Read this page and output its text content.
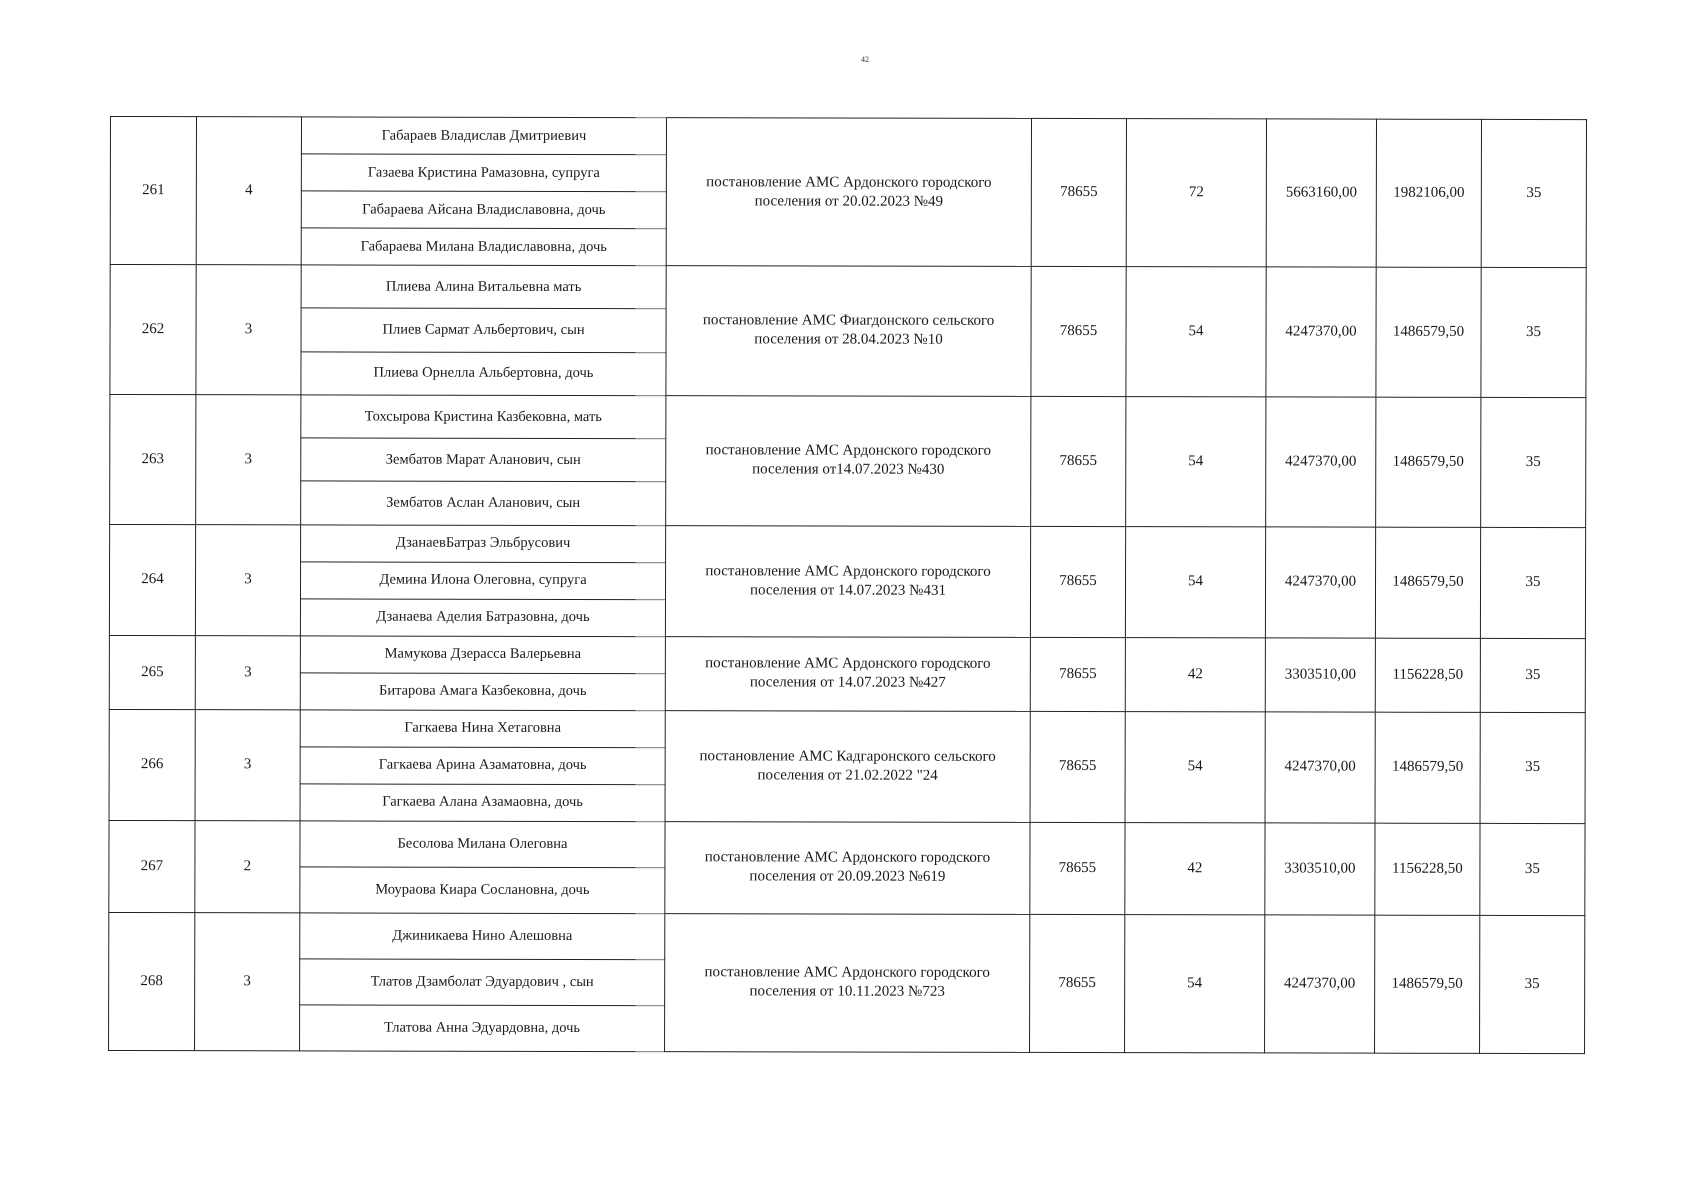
42
261	4	Габараев Владислав Дмитриевич	постановление АМС Ардонского городского поселения от 20.02.2023 №49	78655	72	5663160,00	1982106,00	35
		Газаева Кристина Рамазовна, супруга						
		Габараева Айсана Владиславовна, дочь						
		Габараева Милана Владиславовна, дочь						
262	3	Плиева Алина Витальевна мать	постановление АМС Фиагдонского сельского поселения от 28.04.2023 №10	78655	54	4247370,00	1486579,50	35
		Плиев Сармат Альбертович, сын						
		Плиева Орнелла Альбертовна, дочь						
263	3	Тохсырова Кристина Казбековна, мать	постановление АМС Ардонского городского поселения от14.07.2023 №430	78655	54	4247370,00	1486579,50	35
		Зембатов Марат Аланович, сын						
		Зембатов Аслан Аланович, сын						
264	3	ДзанаевБатраз Эльбрусович	постановление АМС Ардонского городского поселения от 14.07.2023 №431	78655	54	4247370,00	1486579,50	35
		Демина Илона Олеговна, супруга						
		Дзанаева Аделия Батразовна, дочь						
265	3	Мамукова Дзерасса Валерьевна	постановление АМС Ардонского городского поселения от 14.07.2023 №427	78655	42	3303510,00	1156228,50	35
		Битарова Амага Казбековна, дочь						
266	3	Гагкаева Нина Хетаговна	постановление АМС Кадгаронского сельского поселения от 21.02.2022 "24	78655	54	4247370,00	1486579,50	35
		Гагкаева Арина Азаматовна, дочь						
		Гагкаева Алана Азамаовна, дочь						
267	2	Бесолова Милана Олеговна	постановление АМС Ардонского городского поселения от 20.09.2023 №619	78655	42	3303510,00	1156228,50	35
		Моураова Киара Сослановна, дочь						
268	3	Джиникаева Нино Алешовна	постановление АМС Ардонского городского поселения от 10.11.2023 №723	78655	54	4247370,00	1486579,50	35
		Тлатов Дзамболат Эдуардович , сын						
		Тлатова Анна Эдуардовна, дочь						
